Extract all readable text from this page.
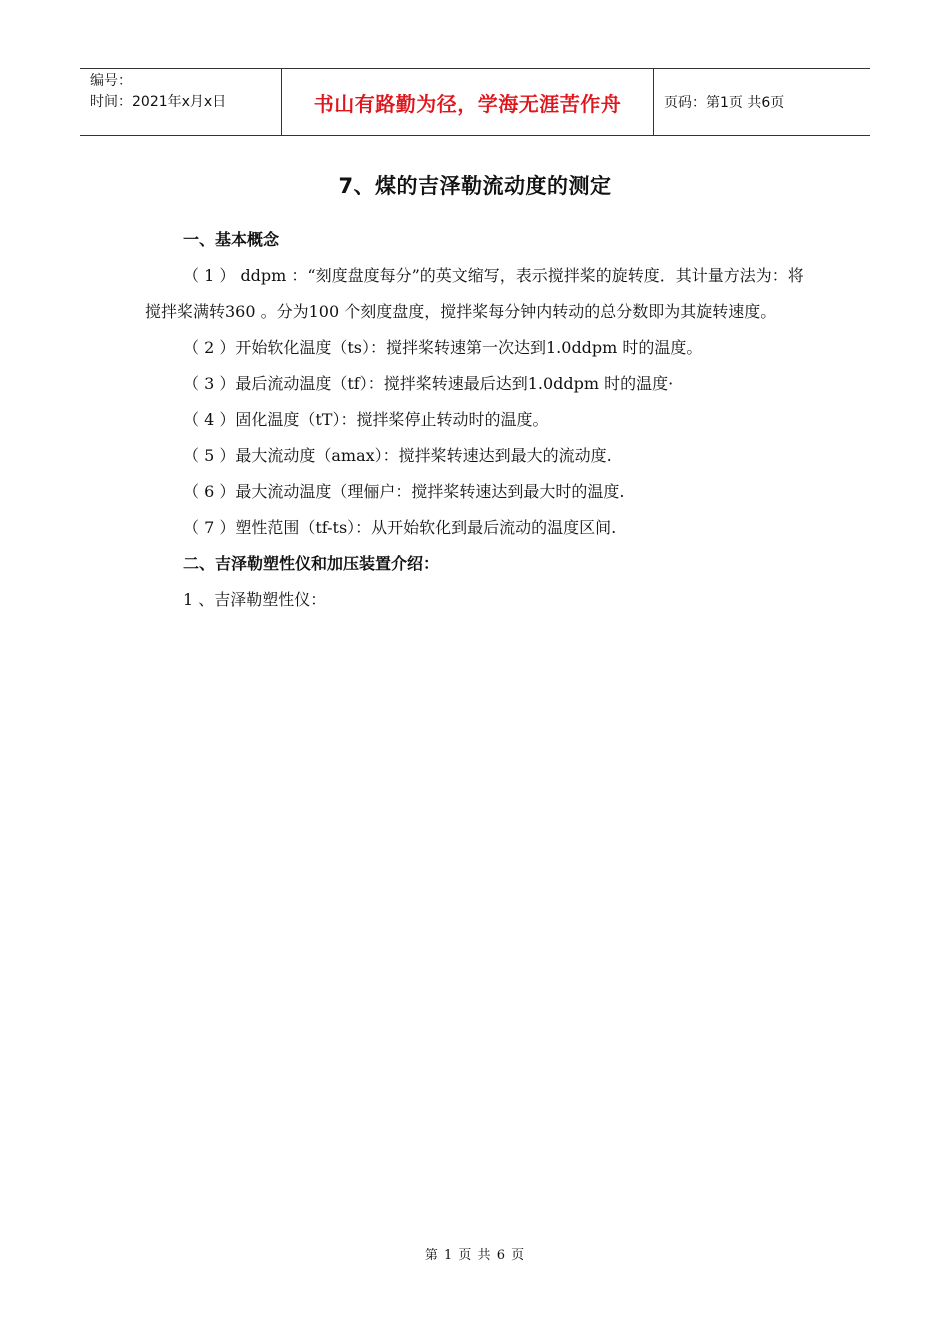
编号：
时间：2021年x月x日	书山有路勤为径，学海无涯苦作舟	页码：第1页 共6页
7、煤的吉泽勒流动度的测定

一、基本概念

（ 1 ） ddpm ：“刻度盘度每分”的英文缩写，表示搅拌桨的旋转度．其计量方法为：将搅拌桨满转360 。分为100 个刻度盘度，搅拌桨每分钟内转动的总分数即为其旋转速度。

（ 2 ）开始软化温度（ts）：搅拌桨转速第一次达到1.0ddpm 时的温度。

（ 3 ）最后流动温度（tf）：搅拌桨转速最后达到1.0ddpm 时的温度·

（ 4 ）固化温度（tT）：搅拌桨停止转动时的温度。

（ 5 ）最大流动度（amax）：搅拌桨转速达到最大的流动度.

（ 6 ）最大流动温度（理俪户：搅拌桨转速达到最大时的温度.

（ 7 ）塑性范围（tf-ts）：从开始软化到最后流动的温度区间.

二、吉泽勒塑性仪和加压装置介绍：

1 、吉泽勒塑性仪：

第 1 页 共 6 页
